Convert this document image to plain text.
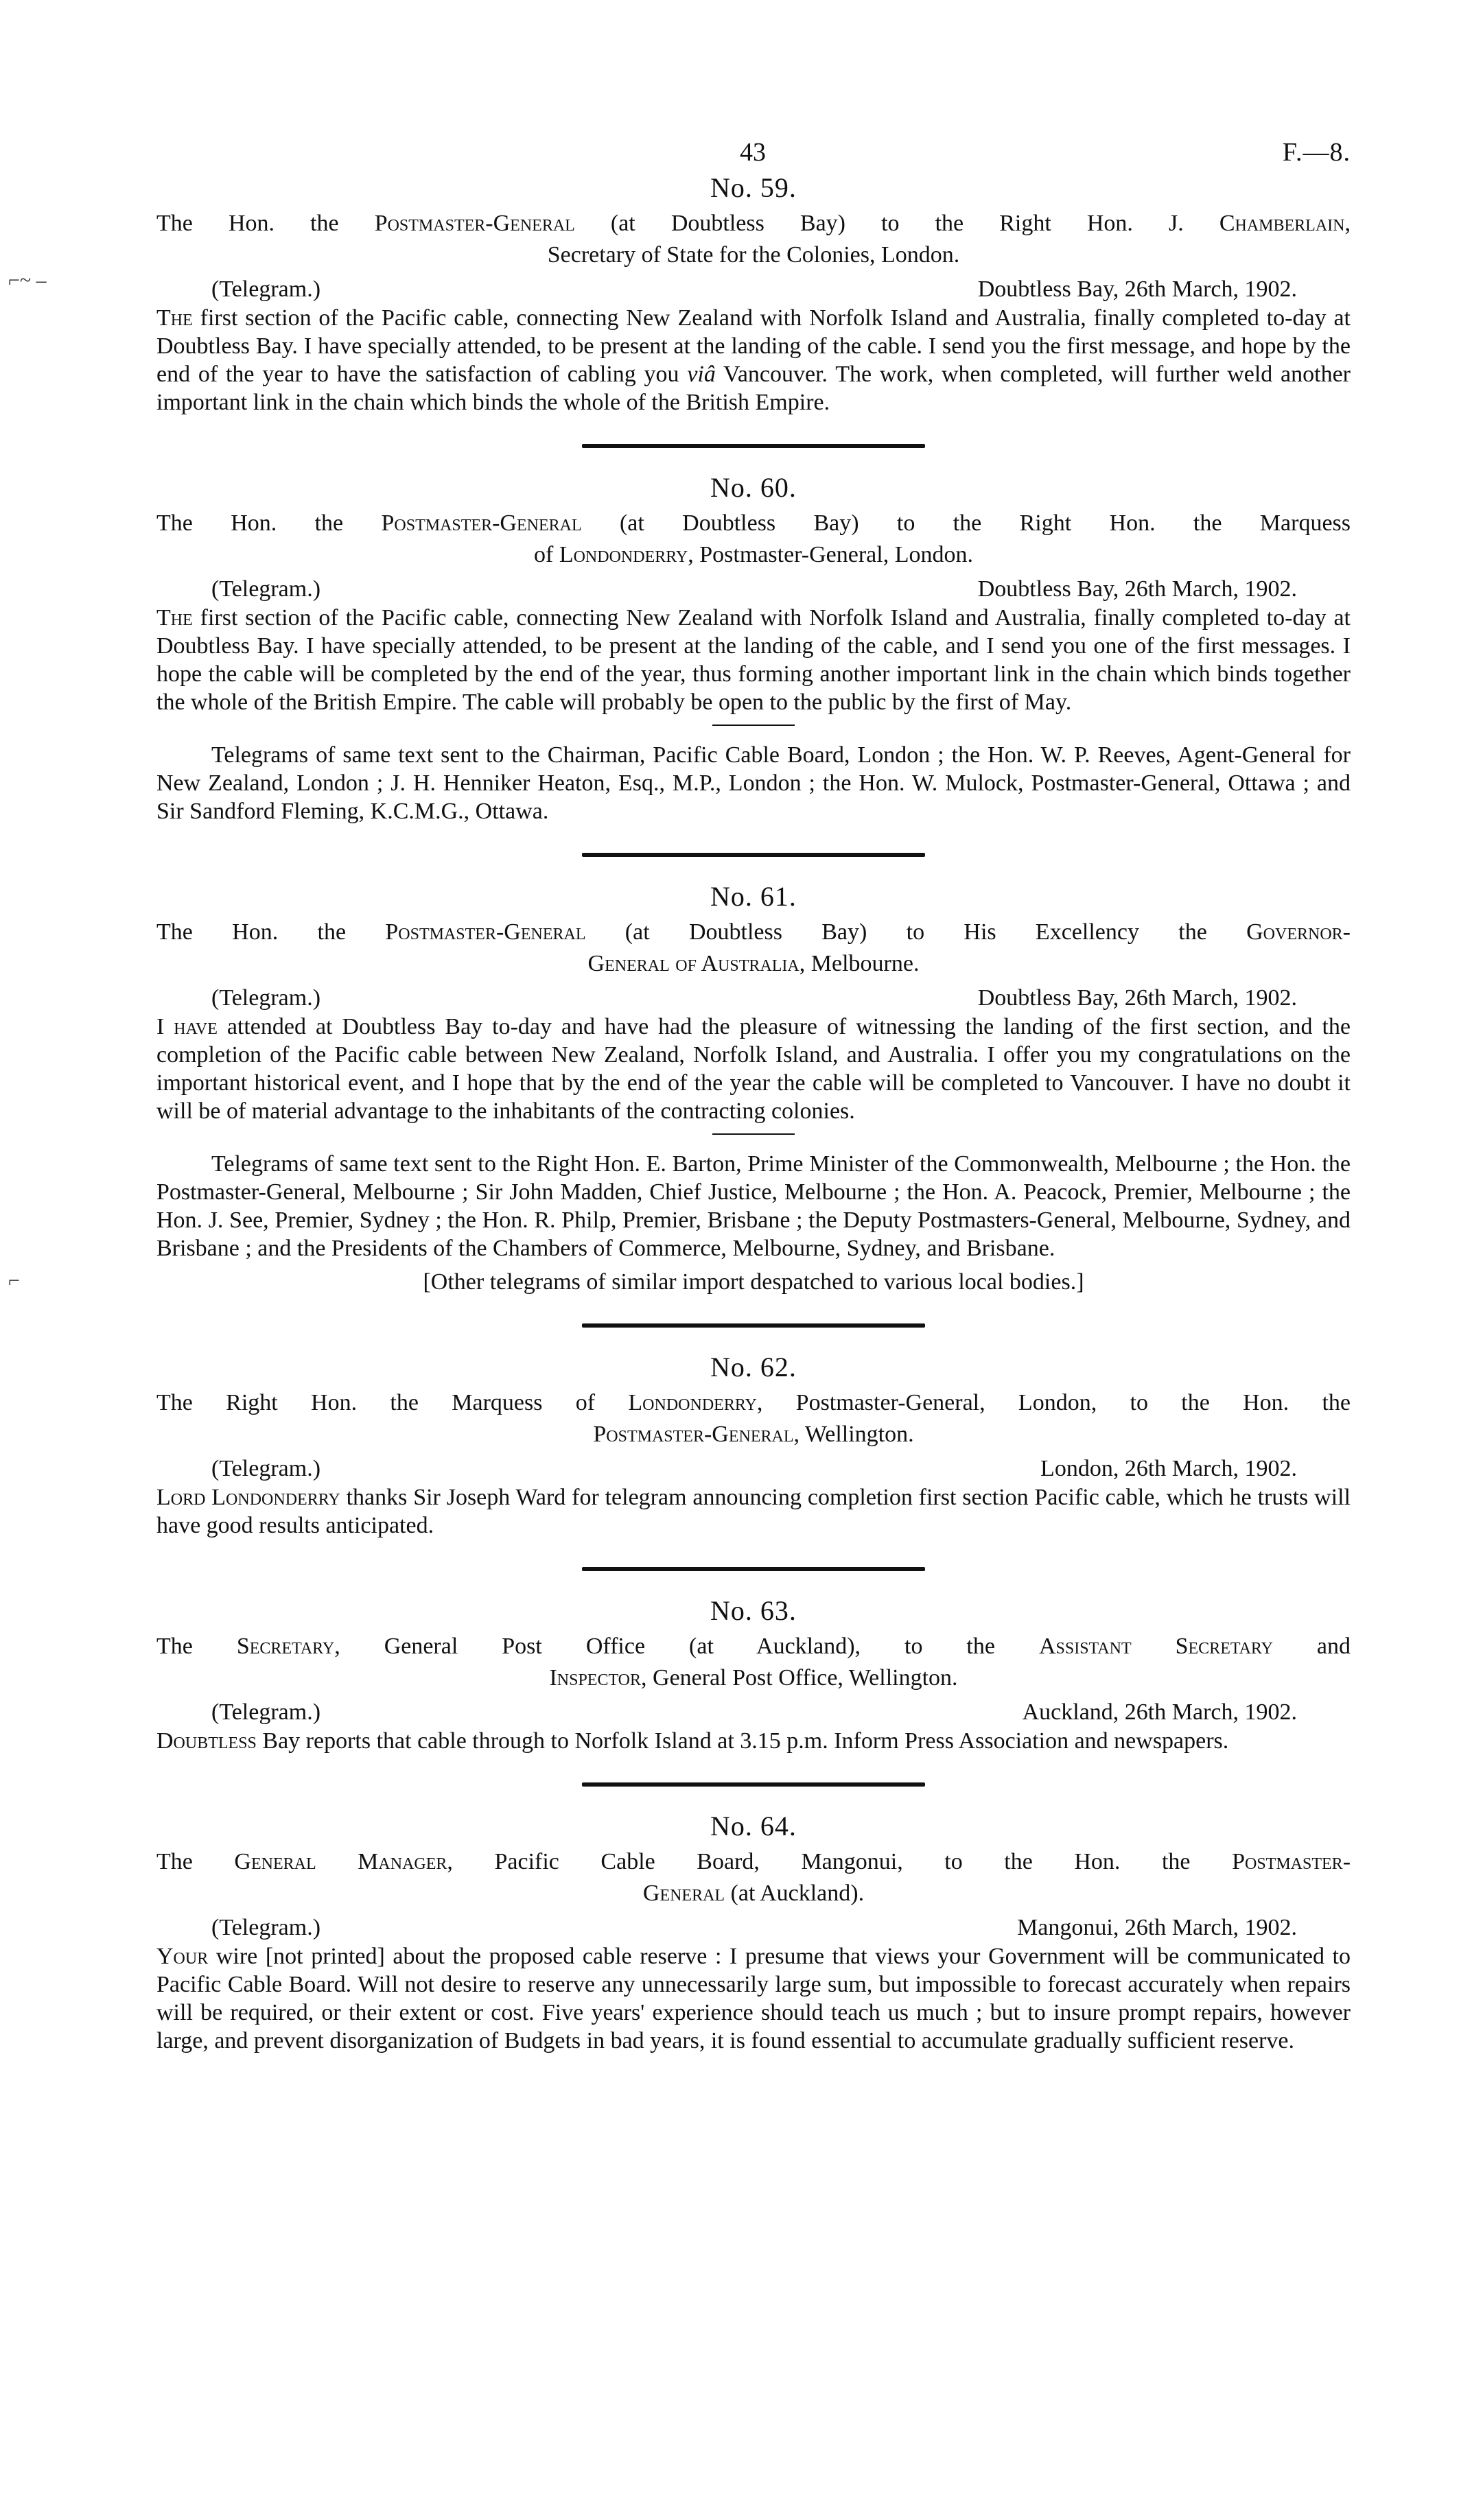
⌐~ –
⌐
43	F.—8.
No. 59.
The Hon. the Postmaster-General (at Doubtless Bay) to the Right Hon. J. Chamberlain,
Secretary of State for the Colonies, London.
(Telegram.)	Doubtless Bay, 26th March, 1902.

The first section of the Pacific cable, connecting New Zealand with Norfolk Island and Australia, finally completed to-day at Doubtless Bay. I have specially attended, to be present at the landing of the cable. I send you the first message, and hope by the end of the year to have the satisfaction of cabling you viâ Vancouver. The work, when completed, will further weld another important link in the chain which binds the whole of the British Empire.

No. 60.
The Hon. the Postmaster-General (at Doubtless Bay) to the Right Hon. the Marquess
of Londonderry, Postmaster-General, London.
(Telegram.)	Doubtless Bay, 26th March, 1902.

The first section of the Pacific cable, connecting New Zealand with Norfolk Island and Australia, finally completed to-day at Doubtless Bay. I have specially attended, to be present at the landing of the cable, and I send you one of the first messages. I hope the cable will be completed by the end of the year, thus forming another important link in the chain which binds together the whole of the British Empire. The cable will probably be open to the public by the first of May.

Telegrams of same text sent to the Chairman, Pacific Cable Board, London ; the Hon. W. P. Reeves, Agent-General for New Zealand, London ; J. H. Henniker Heaton, Esq., M.P., London ; the Hon. W. Mulock, Postmaster-General, Ottawa ; and Sir Sandford Fleming, K.C.M.G., Ottawa.

No. 61.
The Hon. the Postmaster-General (at Doubtless Bay) to His Excellency the Governor-
General of Australia, Melbourne.
(Telegram.)	Doubtless Bay, 26th March, 1902.

I have attended at Doubtless Bay to-day and have had the pleasure of witnessing the landing of the first section, and the completion of the Pacific cable between New Zealand, Norfolk Island, and Australia. I offer you my congratulations on the important historical event, and I hope that by the end of the year the cable will be completed to Vancouver. I have no doubt it will be of material advantage to the inhabitants of the contracting colonies.

Telegrams of same text sent to the Right Hon. E. Barton, Prime Minister of the Commonwealth, Melbourne ; the Hon. the Postmaster-General, Melbourne ; Sir John Madden, Chief Justice, Melbourne ; the Hon. A. Peacock, Premier, Melbourne ; the Hon. J. See, Premier, Sydney ; the Hon. R. Philp, Premier, Brisbane ; the Deputy Postmasters-General, Melbourne, Sydney, and Brisbane ; and the Presidents of the Chambers of Commerce, Melbourne, Sydney, and Brisbane.

[Other telegrams of similar import despatched to various local bodies.]

No. 62.
The Right Hon. the Marquess of Londonderry, Postmaster-General, London, to the Hon. the
Postmaster-General, Wellington.
(Telegram.)	London, 26th March, 1902.

Lord Londonderry thanks Sir Joseph Ward for telegram announcing completion first section Pacific cable, which he trusts will have good results anticipated.

No. 63.
The Secretary, General Post Office (at Auckland), to the Assistant Secretary and
Inspector, General Post Office, Wellington.
(Telegram.)	Auckland, 26th March, 1902.

Doubtless Bay reports that cable through to Norfolk Island at 3.15 p.m. Inform Press Association and newspapers.

No. 64.
The General Manager, Pacific Cable Board, Mangonui, to the Hon. the Postmaster-
General (at Auckland).
(Telegram.)	Mangonui, 26th March, 1902.

Your wire [not printed] about the proposed cable reserve : I presume that views your Government will be communicated to Pacific Cable Board. Will not desire to reserve any unnecessarily large sum, but impossible to forecast accurately when repairs will be required, or their extent or cost. Five years' experience should teach us much ; but to insure prompt repairs, however large, and prevent disorganization of Budgets in bad years, it is found essential to accumulate gradually sufficient reserve.
